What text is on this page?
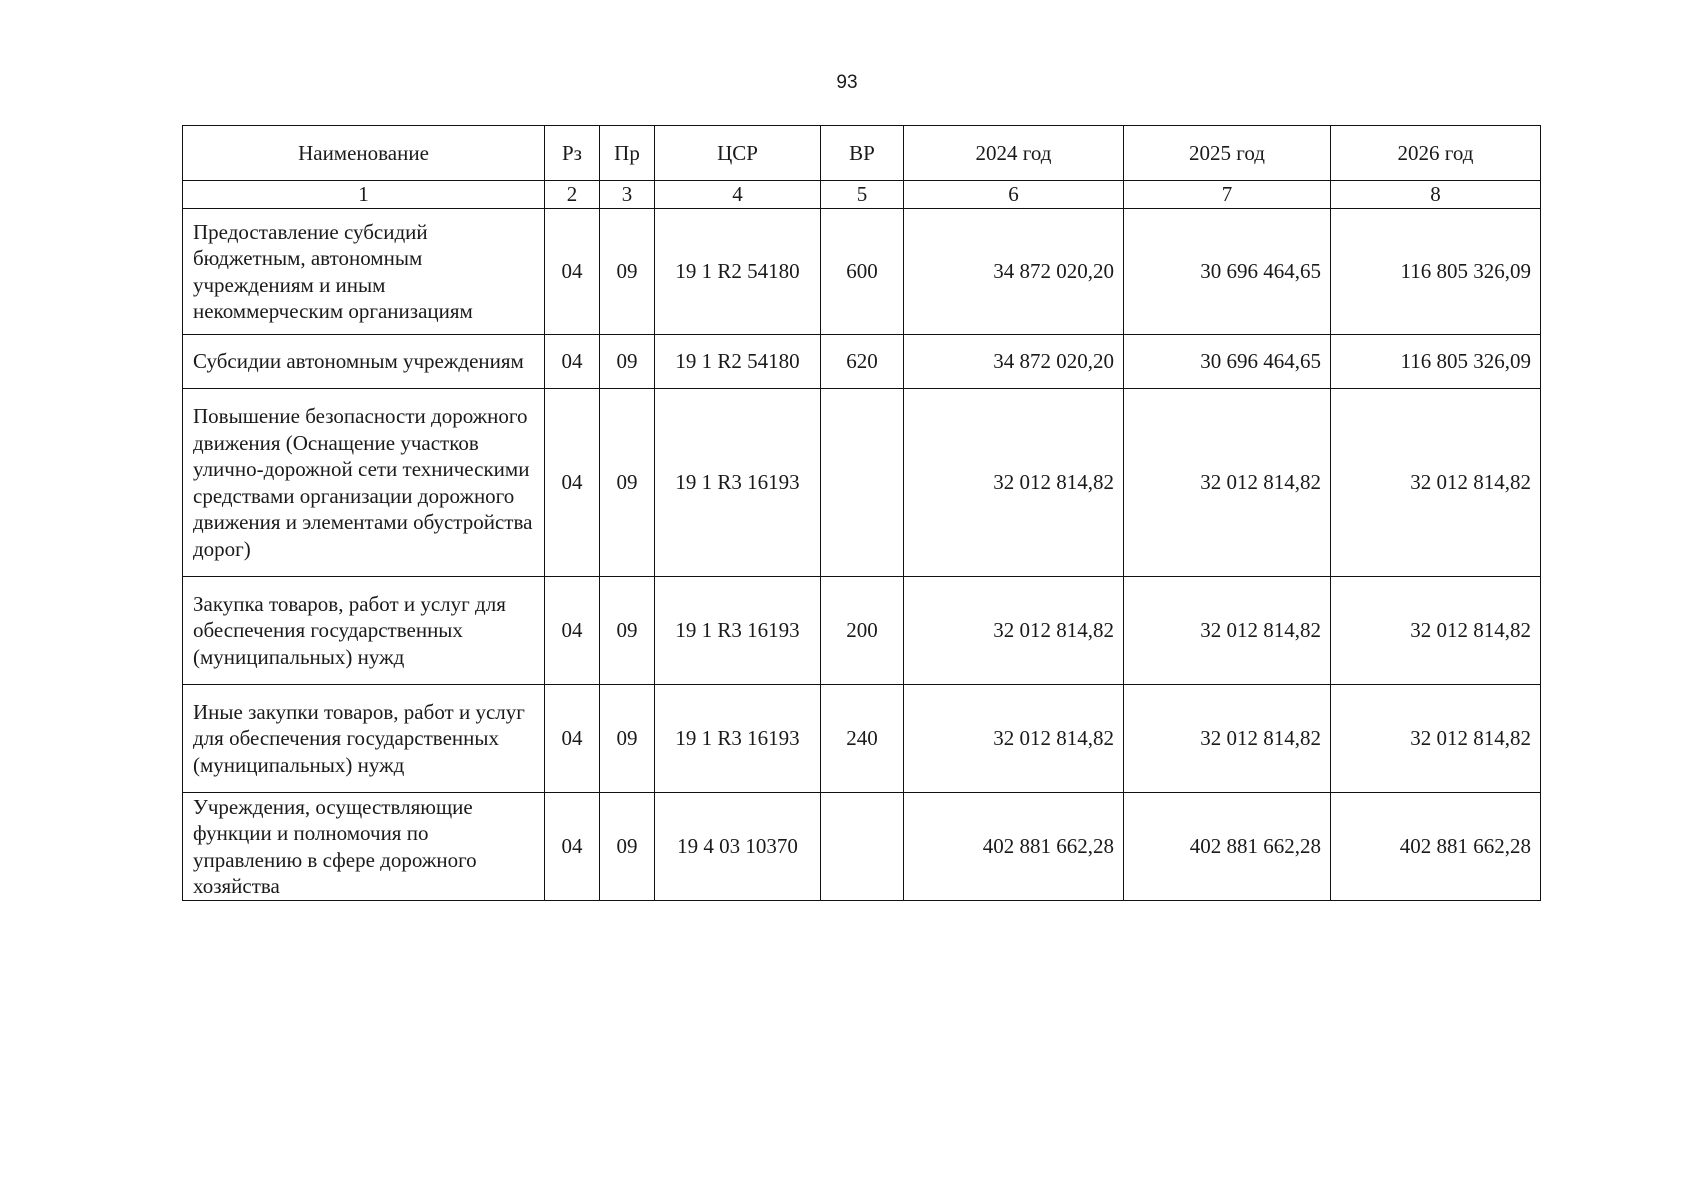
93
Наименование	Рз	Пр	ЦСР	ВР	2024 год	2025 год	2026 год
1	2	3	4	5	6	7	8
Предоставление субсидий бюджетным, автономным учреждениям и иным некоммерческим организациям	04	09	19 1 R2 54180	600	34 872 020,20	30 696 464,65	116 805 326,09
Субсидии автономным учреждениям	04	09	19 1 R2 54180	620	34 872 020,20	30 696 464,65	116 805 326,09
Повышение безопасности дорожного движения (Оснащение участков улично-дорожной сети техническими средствами организации дорожного движения и элементами обустройства дорог)	04	09	19 1 R3 16193		32 012 814,82	32 012 814,82	32 012 814,82
Закупка товаров, работ и услуг для обеспечения государственных (муниципальных) нужд	04	09	19 1 R3 16193	200	32 012 814,82	32 012 814,82	32 012 814,82
Иные закупки товаров, работ и услуг для обеспечения государственных (муниципальных) нужд	04	09	19 1 R3 16193	240	32 012 814,82	32 012 814,82	32 012 814,82
Учреждения, осуществляющие функции и полномочия по управлению в сфере дорожного хозяйства	04	09	19 4 03 10370		402 881 662,28	402 881 662,28	402 881 662,28
